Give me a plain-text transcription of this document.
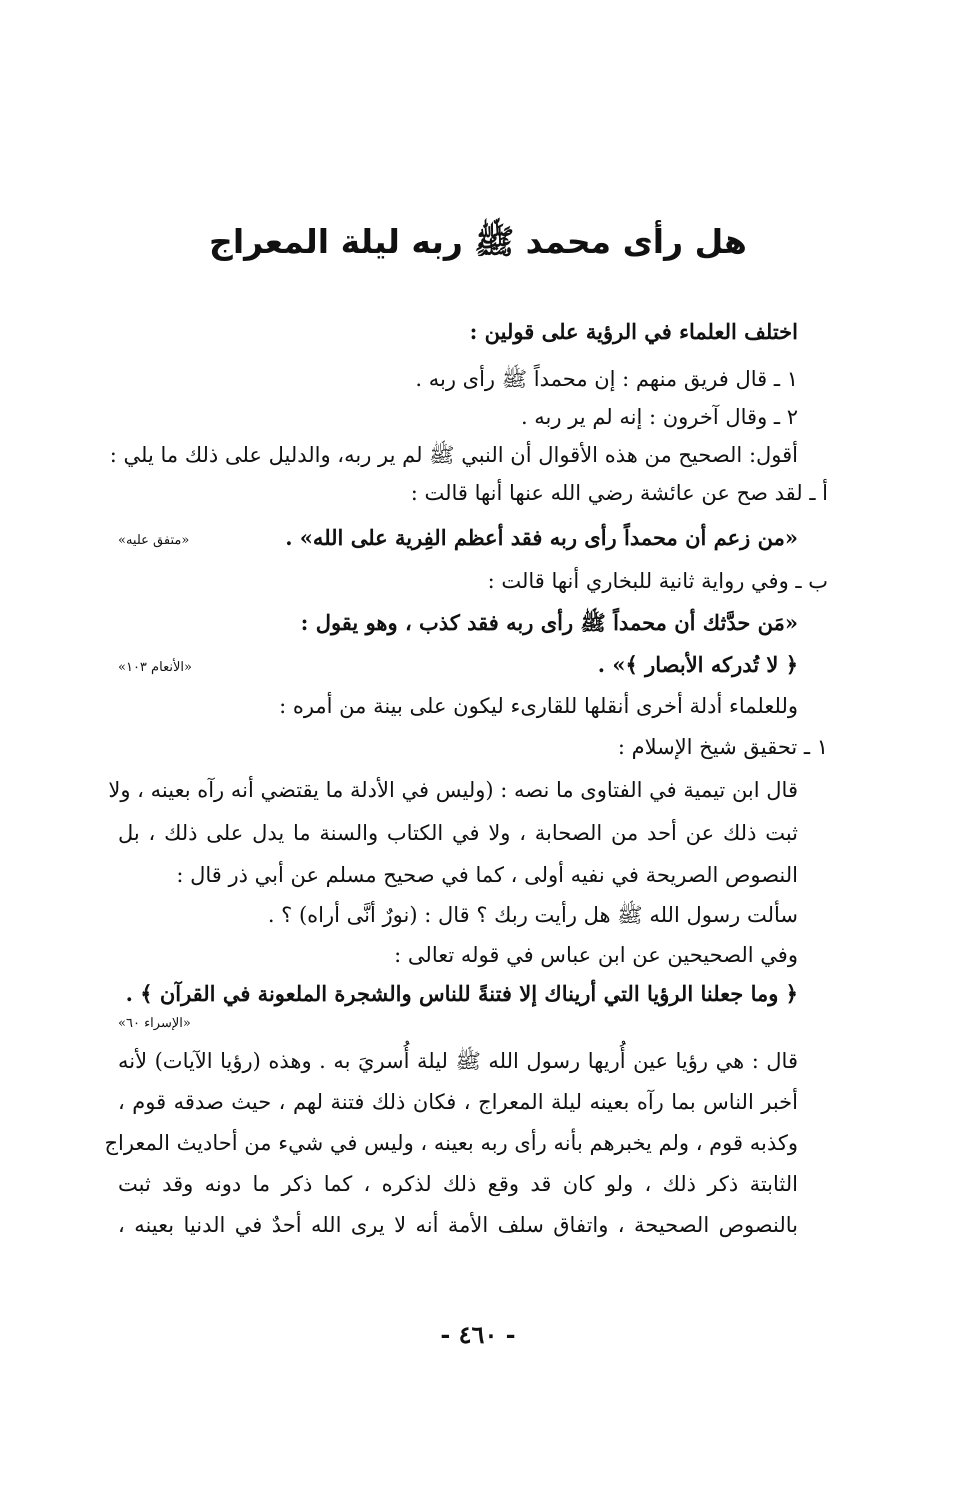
هل رأى محمد ﷺ ربه ليلة المعراج
اختلف العلماء في الرؤية على قولين :
١ ـ قال فريق منهم : إن محمداً ﷺ رأى ربه .
٢ ـ وقال آخرون : إنه لم ير ربه .
أقول: الصحيح من هذه الأقوال أن النبي ﷺ لم ير ربه، والدليل على ذلك ما يلي :
أ ـ لقد صح عن عائشة رضي الله عنها أنها قالت :
«من زعم أن محمداً رأى ربه فقد أعظم الفِرية على الله» .
«متفق عليه»
ب ـ وفي رواية ثانية للبخاري أنها قالت :
«مَن حدَّثك أن محمداً ﷺ رأى ربه فقد كذب ، وهو يقول :
﴿ لا تُدركه الأبصار ﴾» .
«الأنعام ١٠٣»
وللعلماء أدلة أخرى أنقلها للقارىء ليكون على بينة من أمره :
١ ـ تحقيق شيخ الإسلام :
قال ابن تيمية في الفتاوى ما نصه : (وليس في الأدلة ما يقتضي أنه رآه بعينه ، ولا
ثبت ذلك عن أحد من الصحابة ، ولا في الكتاب والسنة ما يدل على ذلك ، بل
النصوص الصريحة في نفيه أولى ، كما في صحيح مسلم عن أبي ذر قال :
سألت رسول الله ﷺ هل رأيت ربك ؟ قال : (نورٌ أنَّى أراه) ؟ .
وفي الصحيحين عن ابن عباس في قوله تعالى :
﴿ وما جعلنا الرؤيا التي أريناك إلا فتنةً للناس والشجرة الملعونة في القرآن ﴾ .
«الإسراء ٦٠»
قال : هي رؤيا عين أُريها رسول الله ﷺ ليلة أُسريَ به . وهذه (رؤيا الآيات) لأنه
أخبر الناس بما رآه بعينه ليلة المعراج ، فكان ذلك فتنة لهم ، حيث صدقه قوم ،
وكذبه قوم ، ولم يخبرهم بأنه رأى ربه بعينه ، وليس في شيء من أحاديث المعراج
الثابتة ذكر ذلك ، ولو كان قد وقع ذلك لذكره ، كما ذكر ما دونه وقد ثبت
بالنصوص الصحيحة ، واتفاق سلف الأمة أنه لا يرى الله أحدٌ في الدنيا بعينه ،
- ٤٦٠ -
